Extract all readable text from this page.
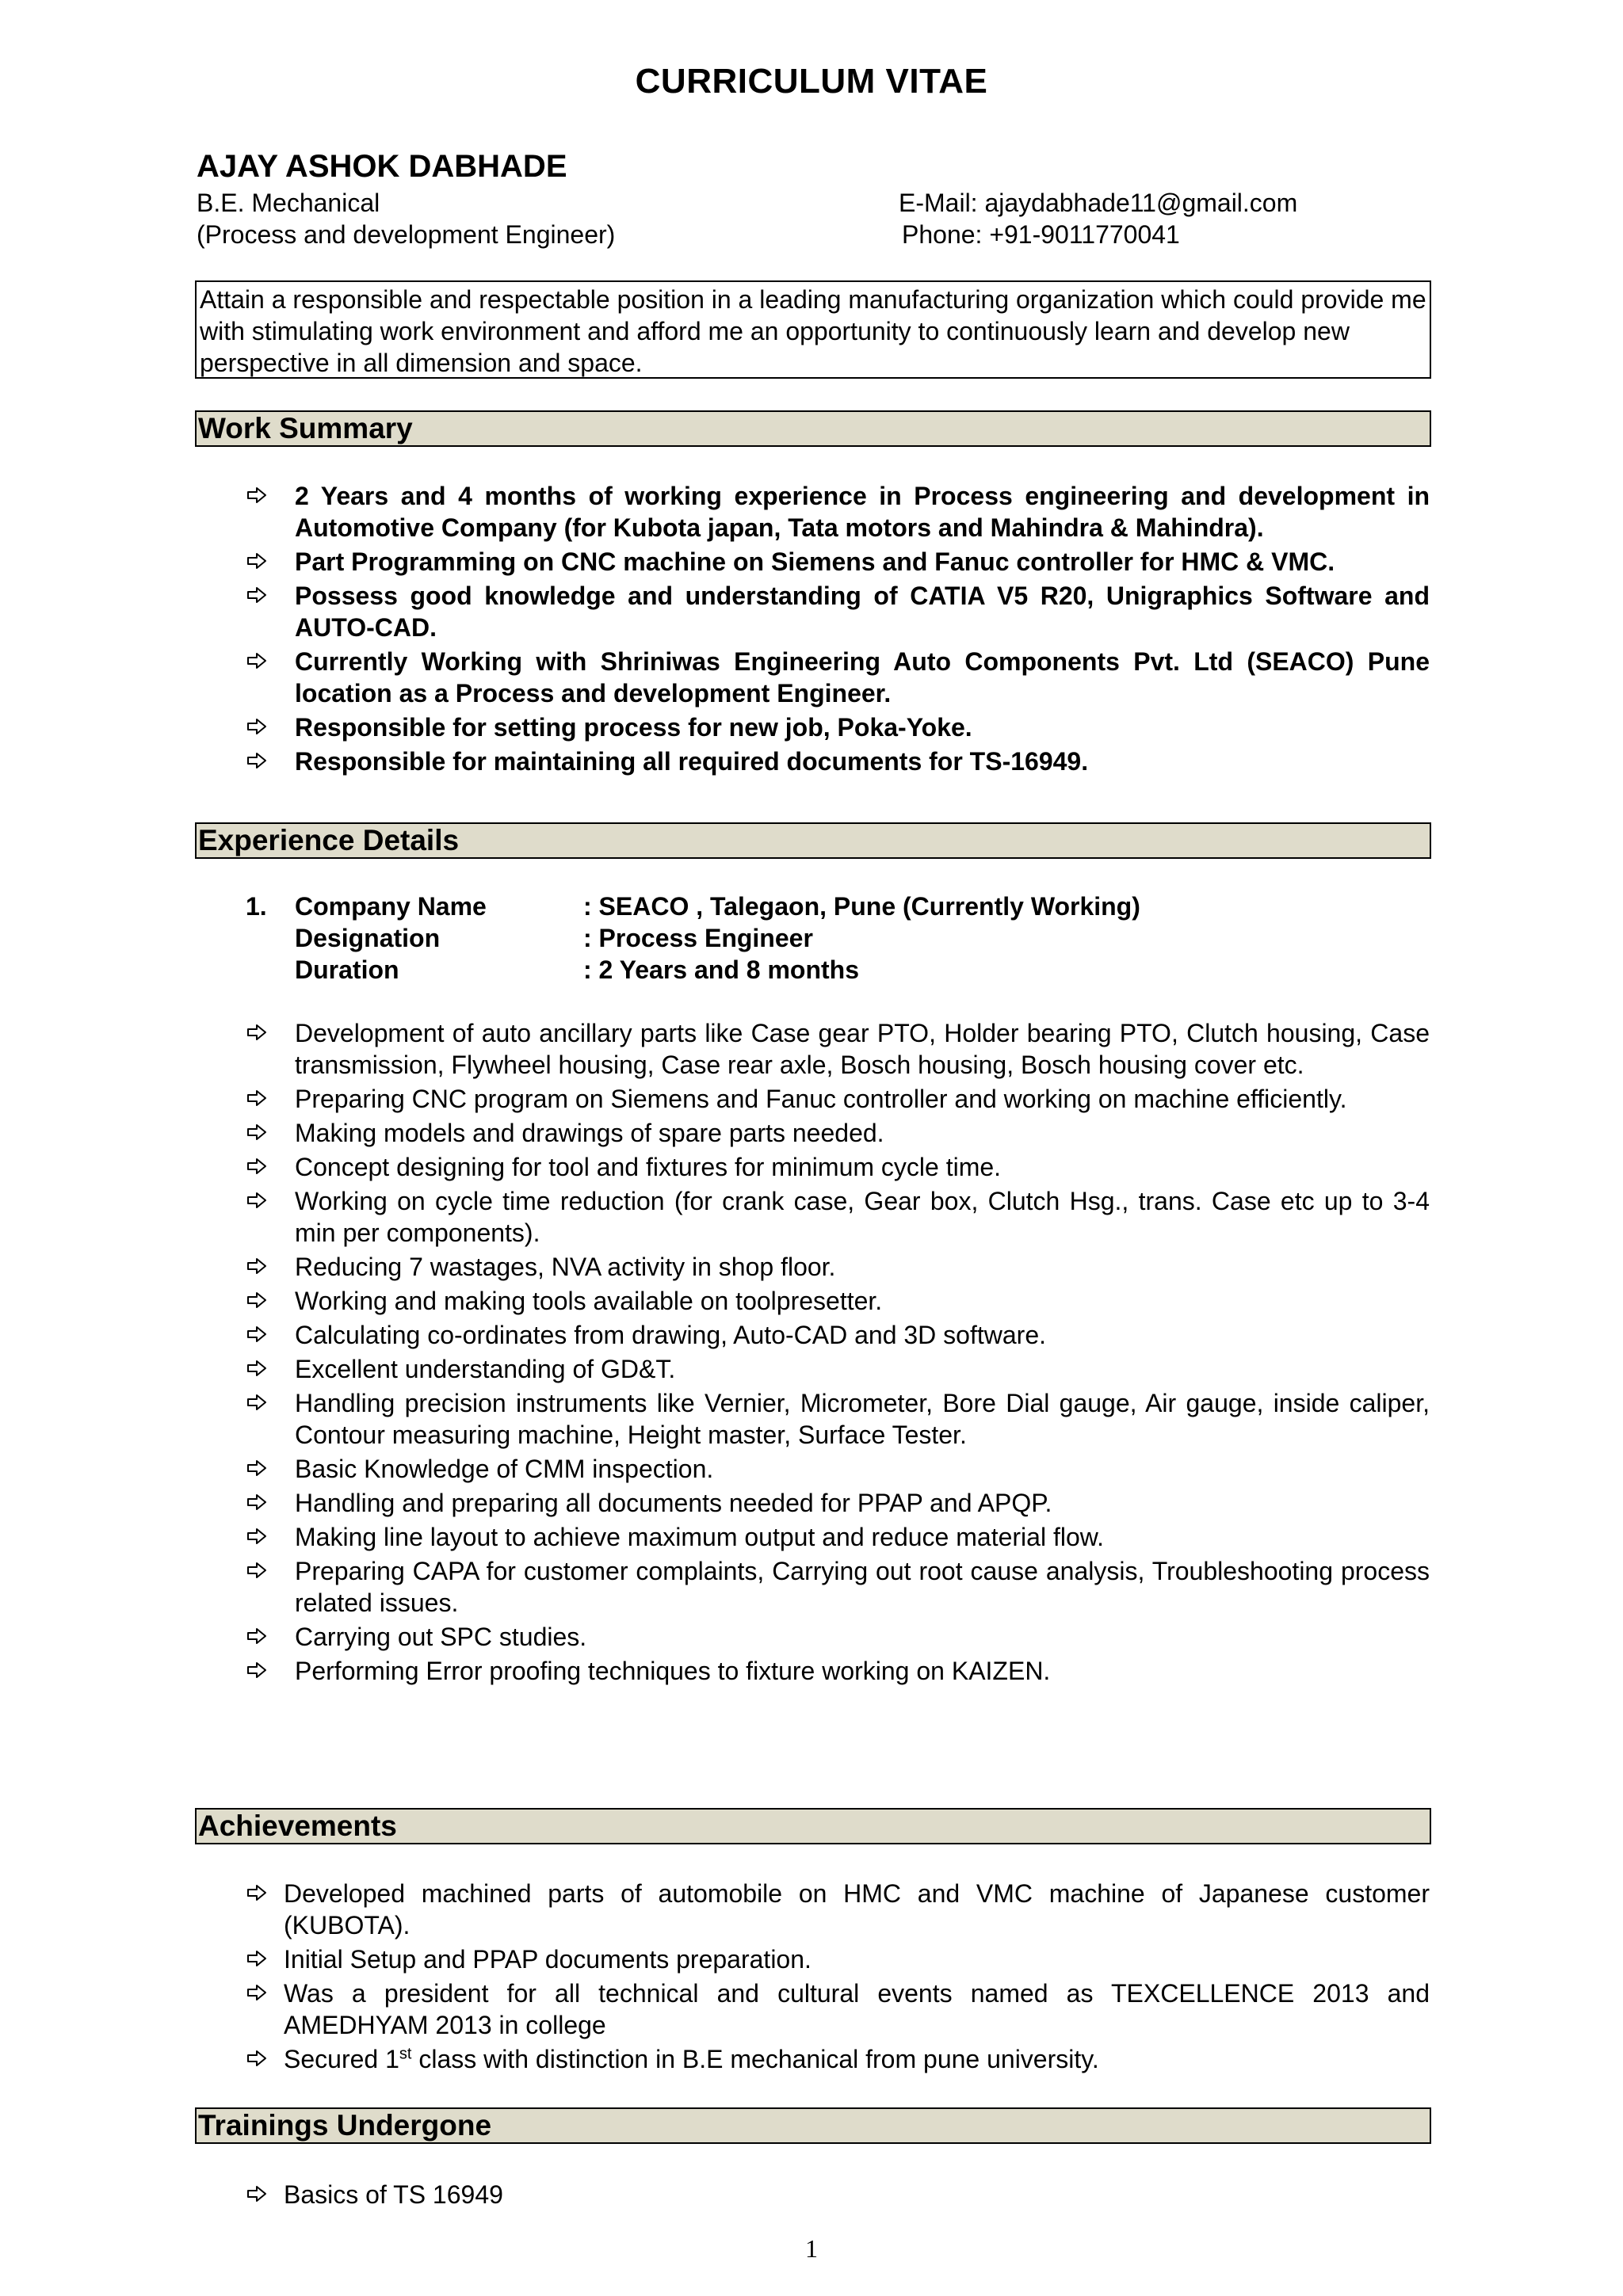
CURRICULUM VITAE
AJAY ASHOK DABHADE
B.E. Mechanical
(Process and development Engineer)
E-Mail: ajaydabhade11@gmail.com
Phone: +91-9011770041
Attain a responsible and respectable position in a leading manufacturing organization which could provide me with stimulating work environment and afford me an opportunity to continuously learn and develop new perspective in all dimension and space.
Work Summary
2 Years and 4 months of working experience in Process engineering and development in Automotive Company (for Kubota japan, Tata motors and Mahindra & Mahindra).
Part Programming on CNC machine on Siemens and Fanuc controller for HMC & VMC.
Possess good knowledge and understanding of CATIA V5 R20, Unigraphics Software and AUTO-CAD.
Currently Working with Shriniwas Engineering Auto Components Pvt. Ltd (SEACO) Pune location as a Process and development Engineer.
Responsible for setting process for new job, Poka-Yoke.
Responsible for maintaining all required documents for TS-16949.
Experience Details
1.	Company Name	: SEACO , Talegaon, Pune (Currently Working)
Designation	: Process Engineer
Duration	: 2 Years and 8 months
Development of auto ancillary parts like Case gear PTO, Holder bearing PTO, Clutch housing, Case transmission, Flywheel housing, Case rear axle, Bosch housing, Bosch housing cover etc.
Preparing CNC program on Siemens and Fanuc controller and working on machine efficiently.
Making models and drawings of spare parts needed.
Concept designing for tool and fixtures for minimum cycle time.
Working on cycle time reduction (for crank case, Gear box, Clutch Hsg., trans. Case etc up to 3-4 min per components).
Reducing 7 wastages, NVA activity in shop floor.
Working and making tools available on toolpresetter.
Calculating co-ordinates from drawing, Auto-CAD and 3D software.
Excellent understanding of GD&T.
Handling precision instruments like Vernier, Micrometer, Bore Dial gauge, Air gauge, inside caliper, Contour measuring machine, Height master, Surface Tester.
Basic Knowledge of CMM inspection.
Handling and preparing all documents needed for PPAP and APQP.
Making line layout to achieve maximum output and reduce material flow.
Preparing CAPA for customer complaints, Carrying out root cause analysis, Troubleshooting process related issues.
Carrying out SPC studies.
Performing Error proofing techniques to fixture working on KAIZEN.
Achievements
Developed machined parts of automobile on HMC and VMC machine of Japanese customer (KUBOTA).
Initial Setup and PPAP documents preparation.
Was a president for all technical and cultural events named as TEXCELLENCE 2013 and AMEDHYAM 2013 in college
Secured 1st class with distinction in B.E mechanical from pune university.
Trainings Undergone
Basics of TS 16949
1
